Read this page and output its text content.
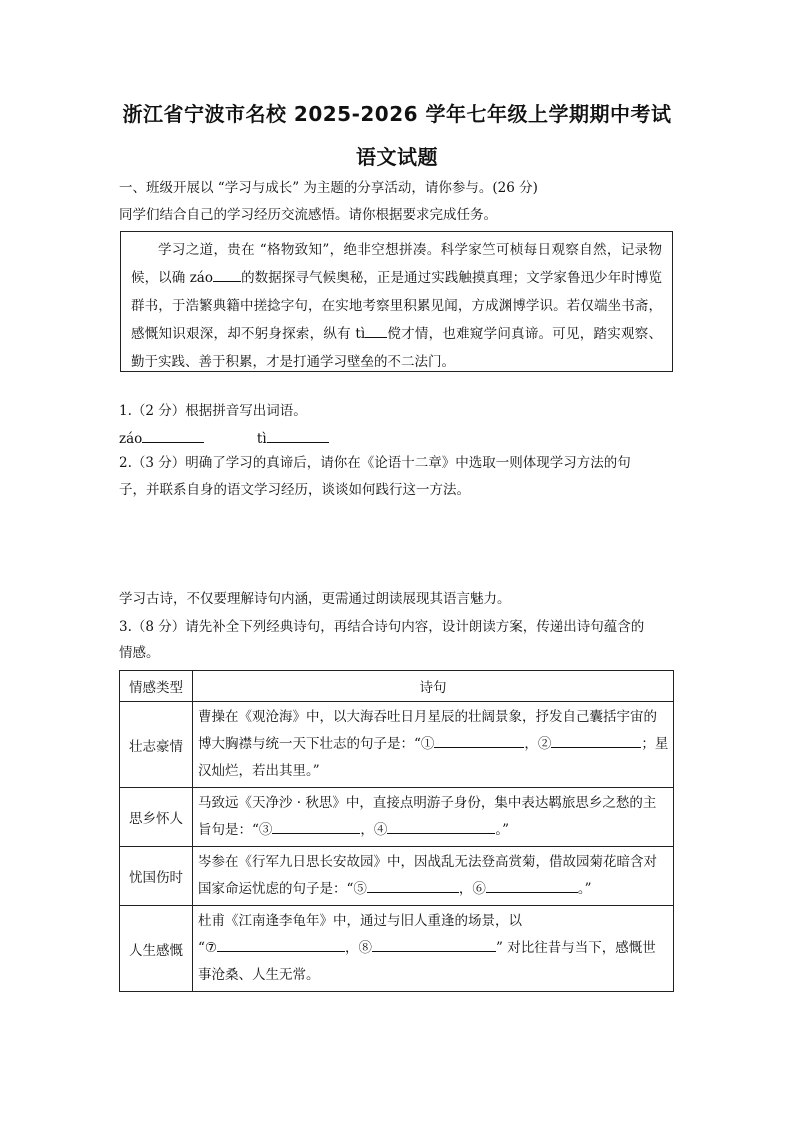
浙江省宁波市名校 2025-2026 学年七年级上学期期中考试
语文试题
一、班级开展以 “学习与成长” 为主题的分享活动，请你参与。(26 分)
同学们结合自己的学习经历交流感悟。请你根据要求完成任务。

学习之道，贵在 “格物致知”，绝非空想拼凑。科学家竺可桢每日观察自然，记录物候，以确 záo 的数据探寻气候奥秘，正是通过实践触摸真理；文学家鲁迅少年时博览群书，于浩繁典籍中搓捻字句，在实地考察里积累见闻，方成渊博学识。若仅端坐书斋，感慨知识艰深，却不躬身探索，纵有 tì 傥才情，也难窥学问真谛。可见，踏实观察、勤于实践、善于积累，才是打通学习壁垒的不二法门。

1.（2 分）根据拼音写出词语。
záo	tì
2.（3 分）明确了学习的真谛后，请你在《论语十二章》中选取一则体现学习方法的句
子，并联系自身的语文学习经历，谈谈如何践行这一方法。
学习古诗，不仅要理解诗句内涵，更需通过朗读展现其语言魅力。
3.（8 分）请先补全下列经典诗句，再结合诗句内容，设计朗读方案，传递出诗句蕴含的
情感。
情感类型	诗句
壮志豪情	曹操在《观沧海》中，以大海吞吐日月星辰的壮阔景象，抒发自己囊括宇宙的博大胸襟与统一天下壮志的句子是：“① ，② ；星汉灿烂，若出其里。”
思乡怀人	马致远《天净沙 · 秋思》中，直接点明游子身份，集中表达羁旅思乡之愁的主旨句是：“③ ，④ 。”
忧国伤时	岑参在《行军九日思长安故园》中，因战乱无法登高赏菊，借故园菊花暗含对国家命运忧虑的句子是：“⑤ ，⑥ 。”
人生感慨	杜甫《江南逢李龟年》中，通过与旧人重逢的场景，以
“⑦ ，⑧ ” 对比往昔与当下，感慨世事沧桑、人生无常。
